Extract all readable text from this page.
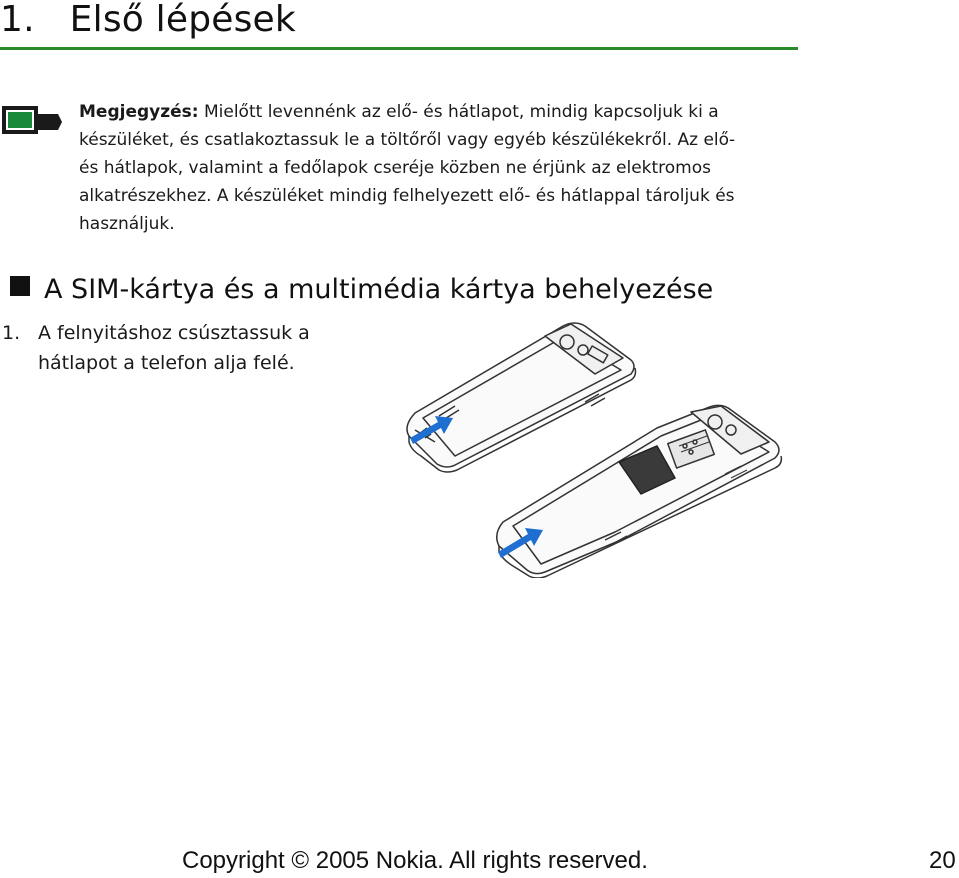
1.   Első lépések

Megjegyzés: Mielőtt levennénk az elő- és hátlapot, mindig kapcsoljuk ki a készüléket, és csatlakoztassuk le a töltőről vagy egyéb készülékekről. Az elő- és hátlapok, valamint a fedőlapok cseréje közben ne érjünk az elektromos alkatrészekhez. A készüléket mindig felhelyezett elő- és hátlappal tároljuk és használjuk.

A SIM-kártya és a multimédia kártya behelyezése

1. A felnyitáshoz csúsztassuk a
hátlapot a telefon alja felé.

Copyright © 2005 Nokia. All rights reserved.	20
